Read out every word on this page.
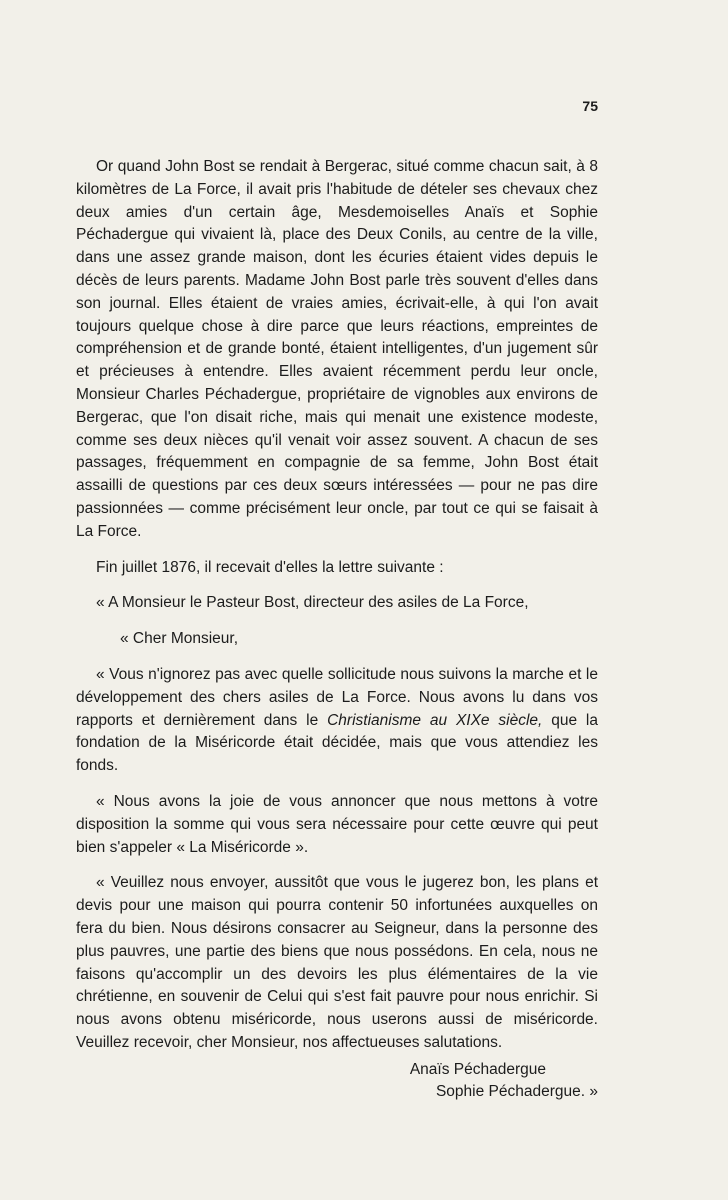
75

Or quand John Bost se rendait à Bergerac, situé comme chacun sait, à 8 kilomètres de La Force, il avait pris l'habitude de dételer ses chevaux chez deux amies d'un certain âge, Mesdemoiselles Anaïs et Sophie Péchadergue qui vivaient là, place des Deux Conils, au centre de la ville, dans une assez grande maison, dont les écuries étaient vides depuis le décès de leurs parents. Madame John Bost parle très souvent d'elles dans son journal. Elles étaient de vraies amies, écrivait-elle, à qui l'on avait toujours quelque chose à dire parce que leurs réactions, empreintes de compréhension et de grande bonté, étaient intelligentes, d'un jugement sûr et précieuses à entendre. Elles avaient récemment perdu leur oncle, Monsieur Charles Péchadergue, propriétaire de vignobles aux environs de Bergerac, que l'on disait riche, mais qui menait une existence modeste, comme ses deux nièces qu'il venait voir assez souvent. A chacun de ses passages, fréquemment en compagnie de sa femme, John Bost était assailli de questions par ces deux sœurs intéressées — pour ne pas dire passionnées — comme précisément leur oncle, par tout ce qui se faisait à La Force.

Fin juillet 1876, il recevait d'elles la lettre suivante :

« A Monsieur le Pasteur Bost, directeur des asiles de La Force,

« Cher Monsieur,

« Vous n'ignorez pas avec quelle sollicitude nous suivons la marche et le développement des chers asiles de La Force. Nous avons lu dans vos rapports et dernièrement dans le Christianisme au XIXe siècle, que la fondation de la Miséricorde était décidée, mais que vous attendiez les fonds.

« Nous avons la joie de vous annoncer que nous mettons à votre disposition la somme qui vous sera nécessaire pour cette œuvre qui peut bien s'appeler « La Miséricorde ».

« Veuillez nous envoyer, aussitôt que vous le jugerez bon, les plans et devis pour une maison qui pourra contenir 50 infortunées auxquelles on fera du bien. Nous désirons consacrer au Seigneur, dans la personne des plus pauvres, une partie des biens que nous possédons. En cela, nous ne faisons qu'accomplir un des devoirs les plus élémentaires de la vie chrétienne, en souvenir de Celui qui s'est fait pauvre pour nous enrichir. Si nous avons obtenu miséricorde, nous userons aussi de miséricorde. Veuillez recevoir, cher Monsieur, nos affectueuses salutations.

Anaïs Péchadergue
Sophie Péchadergue. »
